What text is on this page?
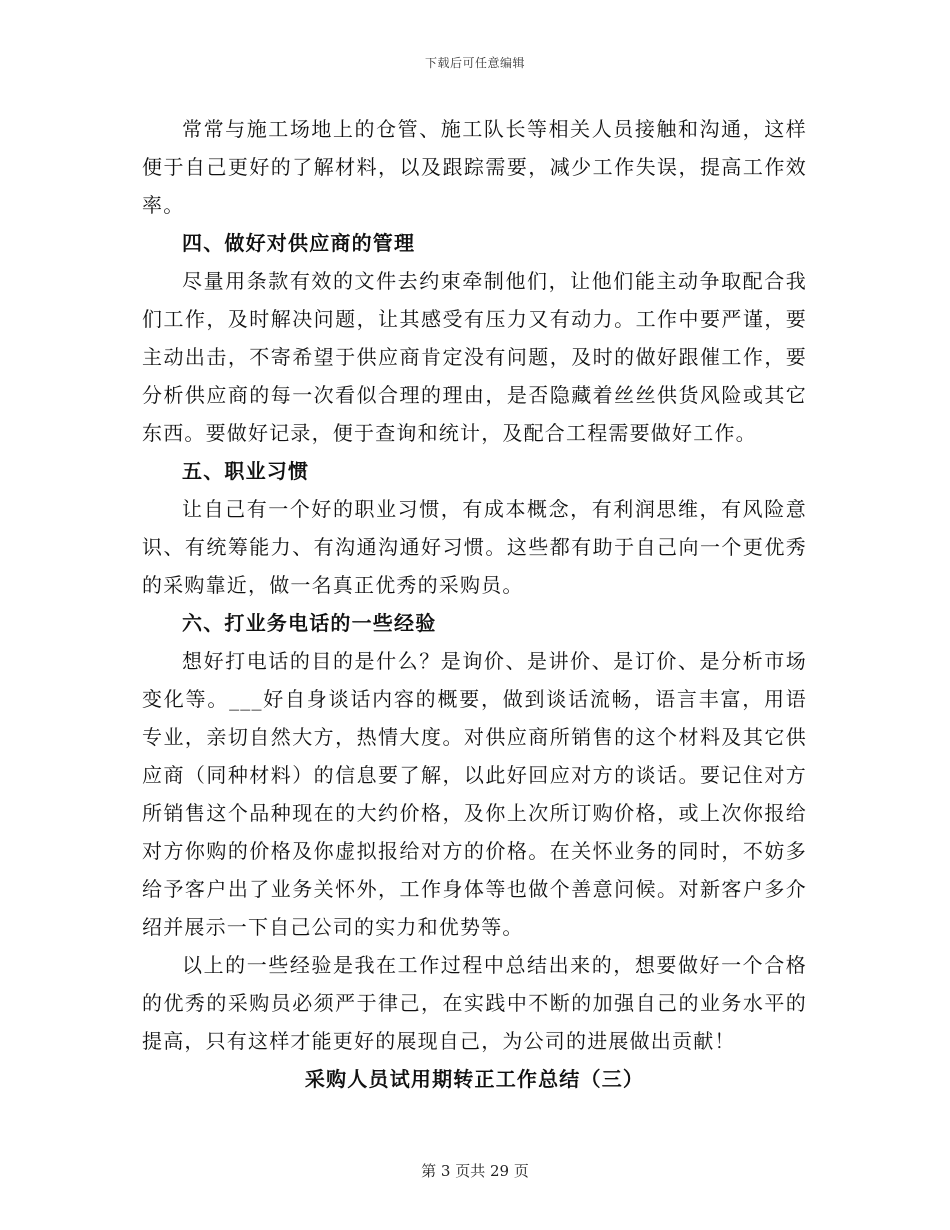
下载后可任意编辑

常常与施工场地上的仓管、施工队长等相关人员接触和沟通，这样便于自己更好的了解材料，以及跟踪需要，减少工作失误，提高工作效率。

四、做好对供应商的管理

尽量用条款有效的文件去约束牵制他们，让他们能主动争取配合我们工作，及时解决问题，让其感受有压力又有动力。工作中要严谨，要主动出击，不寄希望于供应商肯定没有问题，及时的做好跟催工作，要分析供应商的每一次看似合理的理由，是否隐藏着丝丝供货风险或其它东西。要做好记录，便于查询和统计，及配合工程需要做好工作。

五、职业习惯

让自己有一个好的职业习惯，有成本概念，有利润思维，有风险意识、有统筹能力、有沟通沟通好习惯。这些都有助于自己向一个更优秀的采购靠近，做一名真正优秀的采购员。

六、打业务电话的一些经验

想好打电话的目的是什么？是询价、是讲价、是订价、是分析市场变化等。___好自身谈话内容的概要，做到谈话流畅，语言丰富，用语专业，亲切自然大方，热情大度。对供应商所销售的这个材料及其它供应商（同种材料）的信息要了解，以此好回应对方的谈话。要记住对方所销售这个品种现在的大约价格，及你上次所订购价格，或上次你报给对方你购的价格及你虚拟报给对方的价格。在关怀业务的同时，不妨多给予客户出了业务关怀外，工作身体等也做个善意问候。对新客户多介绍并展示一下自己公司的实力和优势等。

以上的一些经验是我在工作过程中总结出来的，想要做好一个合格的优秀的采购员必须严于律己，在实践中不断的加强自己的业务水平的提高，只有这样才能更好的展现自己，为公司的进展做出贡献！

采购人员试用期转正工作总结（三）

第 3 页共 29 页
